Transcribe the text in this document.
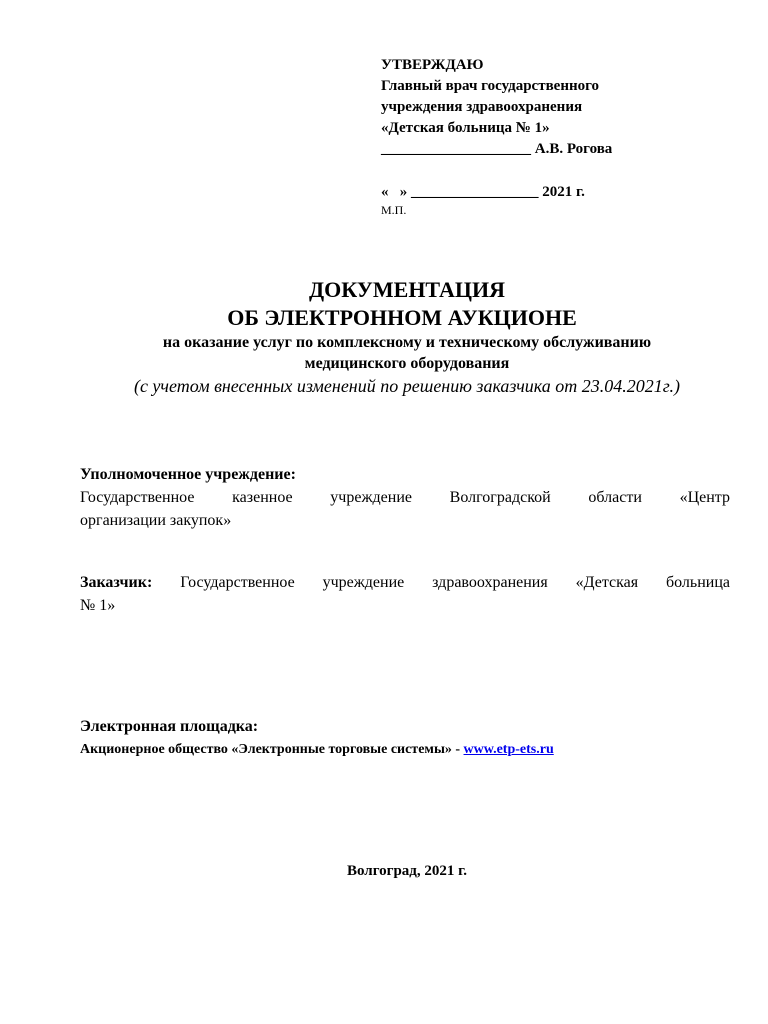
УТВЕРЖДАЮ
Главный врач государственного
учреждения здравоохранения
«Детская больница № 1»
____________________ А.В. Рогова
«   » _________________ 2021 г.
М.П.
ДОКУМЕНТАЦИЯ
ОБ ЭЛЕКТРОННОМ АУКЦИОНЕ
на оказание услуг по комплексному и техническому обслуживанию
медицинского оборудования
(с учетом внесенных изменений по решению заказчика от 23.04.2021г.)
Уполномоченное учреждение:
Государственное казенное учреждение Волгоградской области «Центр
организации закупок»
Заказчик: Государственное учреждение здравоохранения «Детская больница
№ 1»
Электронная площадка:
Акционерное общество «Электронные торговые системы» - www.etp-ets.ru
Волгоград, 2021 г.
